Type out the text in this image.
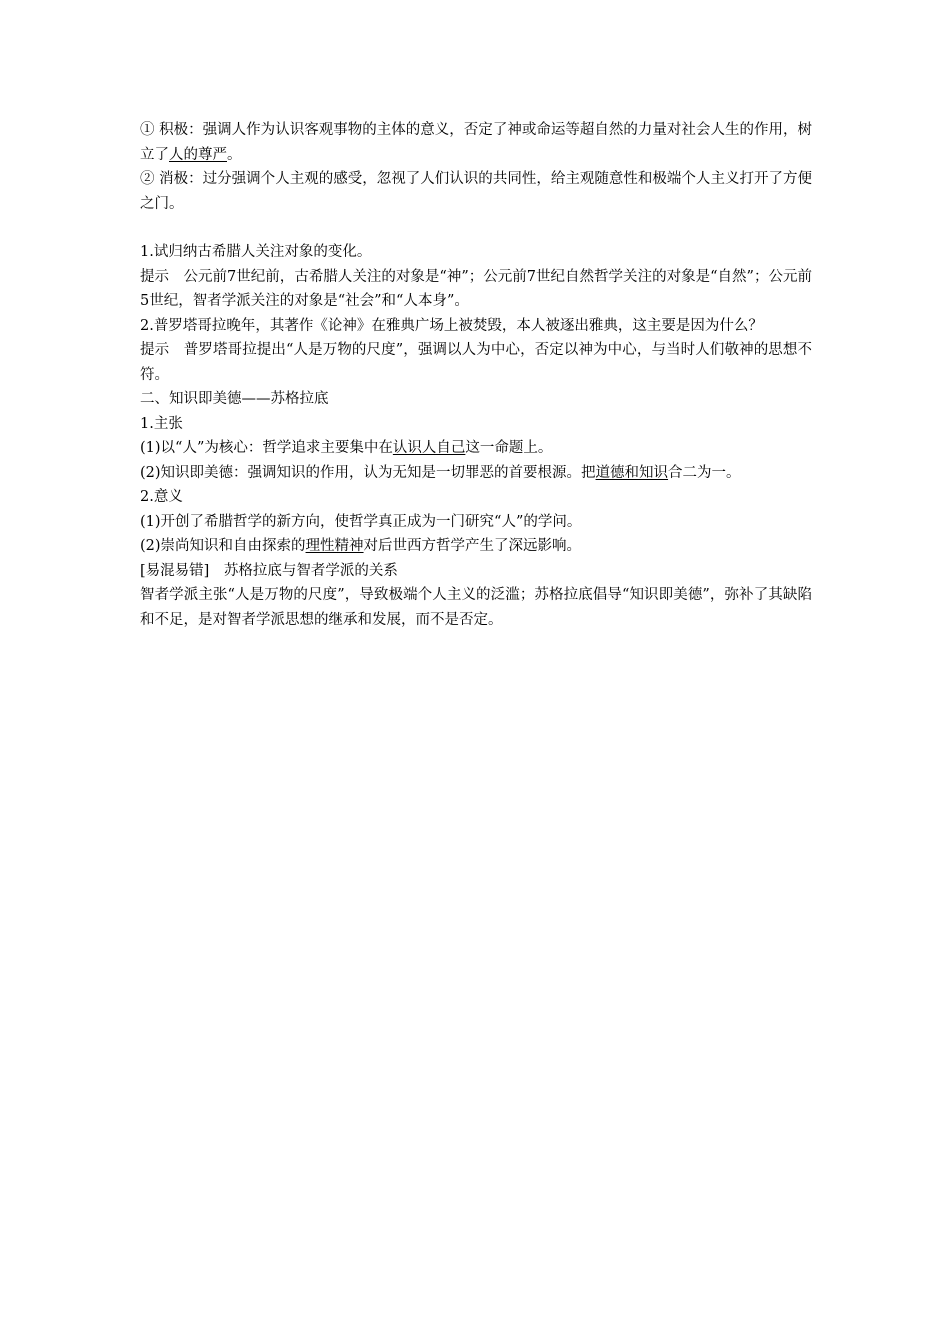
① 积极：强调人作为认识客观事物的主体的意义，否定了神或命运等超自然的力量对社会人生的作用，树立了人的尊严。

② 消极：过分强调个人主观的感受，忽视了人们认识的共同性，给主观随意性和极端个人主义打开了方便之门。

1.试归纳古希腊人关注对象的变化。

提示　公元前7世纪前，古希腊人关注的对象是“神”；公元前7世纪自然哲学关注的对象是“自然”；公元前5世纪，智者学派关注的对象是“社会”和“人本身”。

2.普罗塔哥拉晚年，其著作《论神》在雅典广场上被焚毁，本人被逐出雅典，这主要是因为什么？

提示　普罗塔哥拉提出“人是万物的尺度”，强调以人为中心，否定以神为中心，与当时人们敬神的思想不符。

二、知识即美德——苏格拉底

1.主张

(1)以“人”为核心：哲学追求主要集中在认识人自己这一命题上。

(2)知识即美德：强调知识的作用，认为无知是一切罪恶的首要根源。把道德和知识合二为一。

2.意义

(1)开创了希腊哲学的新方向，使哲学真正成为一门研究“人”的学问。

(2)崇尚知识和自由探索的理性精神对后世西方哲学产生了深远影响。

[易混易错]　苏格拉底与智者学派的关系

智者学派主张“人是万物的尺度”，导致极端个人主义的泛滥；苏格拉底倡导“知识即美德”，弥补了其缺陷和不足，是对智者学派思想的继承和发展，而不是否定。
